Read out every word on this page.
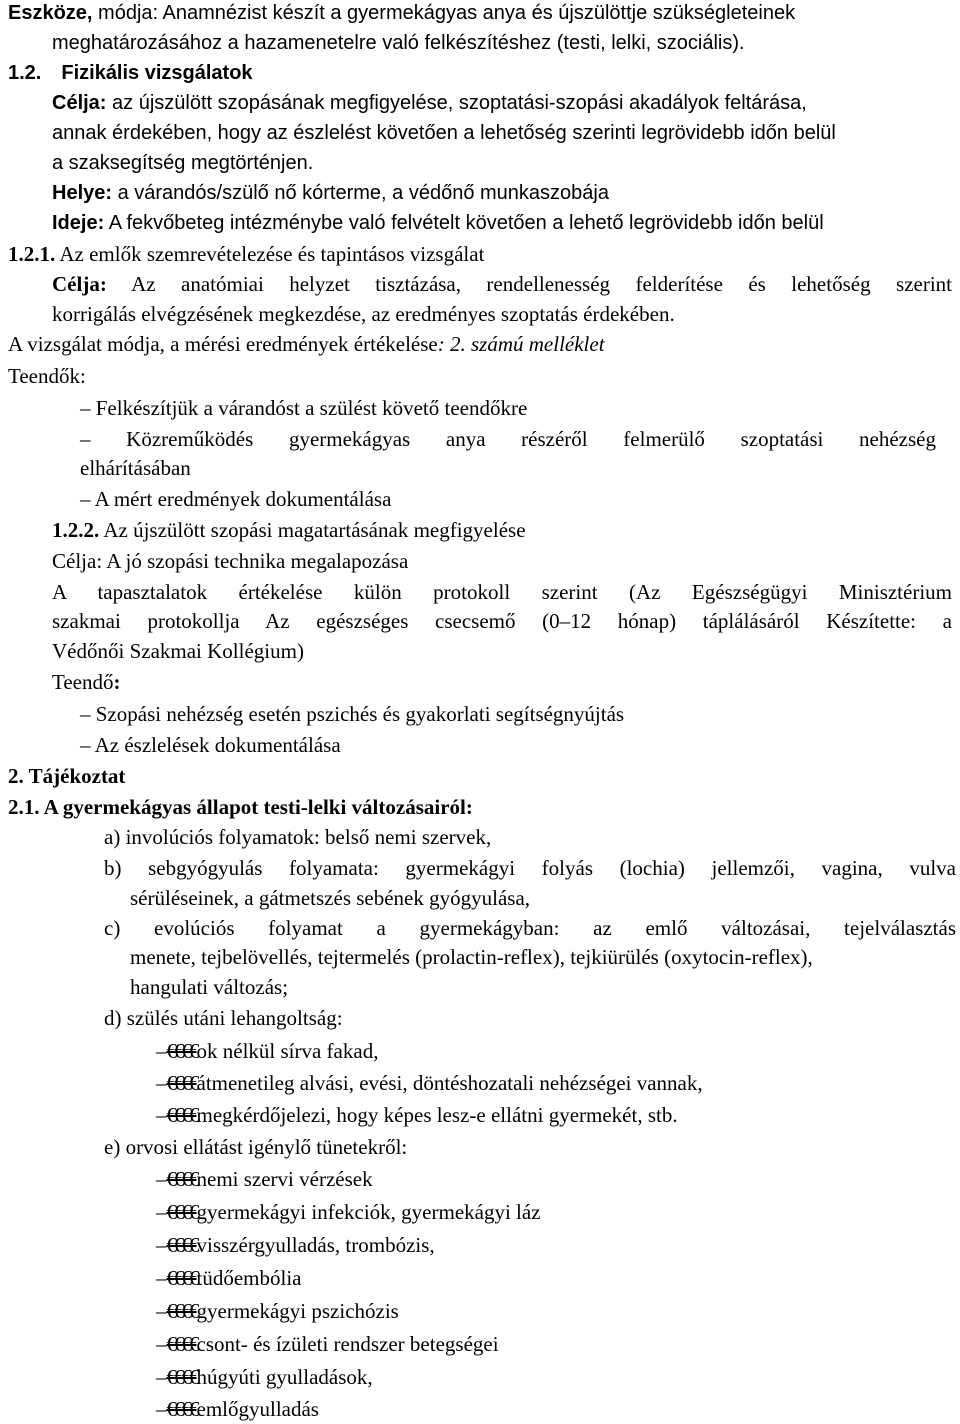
Eszköze, módja: Anamnézist készít a gyermekágyas anya és újszülöttje szükségleteinek
meghatározásához a hazamenetelre való felkészítéshez (testi, lelki, szociális).
1.2. Fizikális vizsgálatok
Célja: az újszülött szopásának megfigyelése, szoptatási-szopási akadályok feltárása,
annak érdekében, hogy az észlelést követően a lehetőség szerinti legrövidebb időn belül
a szaksegítség megtörténjen.
Helye: a várandós/szülő nő kórterme, a védőnő munkaszobája
Ideje: A fekvőbeteg intézménybe való felvételt követően a lehető legrövidebb időn belül
1.2.1. Az emlők szemrevételezése és tapintásos vizsgálat
Célja: Az anatómiai helyzet tisztázása, rendellenesség felderítése és lehetőség szerint
korrigálás elvégzésének megkezdése, az eredményes szoptatás érdekében.
A vizsgálat módja, a mérési eredmények értékelése: 2. számú melléklet
Teendők:
– Felkészítjük a várandóst a szülést követő teendőkre
– Közreműködés gyermekágyas anya részéről felmerülő szoptatási nehézség
elhárításában
– A mért eredmények dokumentálása
1.2.2. Az újszülött szopási magatartásának megfigyelése
Célja: A jó szopási technika megalapozása
A tapasztalatok értékelése külön protokoll szerint (Az Egészségügyi Minisztérium
szakmai protokollja Az egészséges csecsemő (0–12 hónap) táplálásáról Készítette: a
Védőnői Szakmai Kollégium)
Teendő:
– Szopási nehézség esetén pszichés és gyakorlati segítségnyújtás
– Az észlelések dokumentálása
2. Tájékoztat
2.1. A gyermekágyas állapot testi-lelki változásairól:
a) involúciós folyamatok: belső nemi szervek,
b) sebgyógyulás folyamata: gyermekágyi folyás (lochia) jellemzői, vagina, vulva
sérüléseinek, a gátmetszés sebének gyógyulása,
c) evolúciós folyamat a gyermekágyban: az emlő változásai, tejelválasztás
menete, tejbelövellés, tejtermelés (prolactin-reflex), tejkiürülés (oxytocin-reflex),
hangulati változás;
d) szülés utáni lehangoltság:
–€€€€ok nélkül sírva fakad,
–€€€€átmenetileg alvási, evési, döntéshozatali nehézségei vannak,
–€€€€megkérdőjelezi, hogy képes lesz-e ellátni gyermekét, stb.
e) orvosi ellátást igénylő tünetekről:
–€€€€nemi szervi vérzések
–€€€€gyermekágyi infekciók, gyermekágyi láz
–€€€€visszérgyulladás, trombózis,
–€€€€tüdőembólia
–€€€€gyermekágyi pszichózis
–€€€€csont- és ízületi rendszer betegségei
–€€€€húgyúti gyulladások,
–€€€€emlőgyulladás
